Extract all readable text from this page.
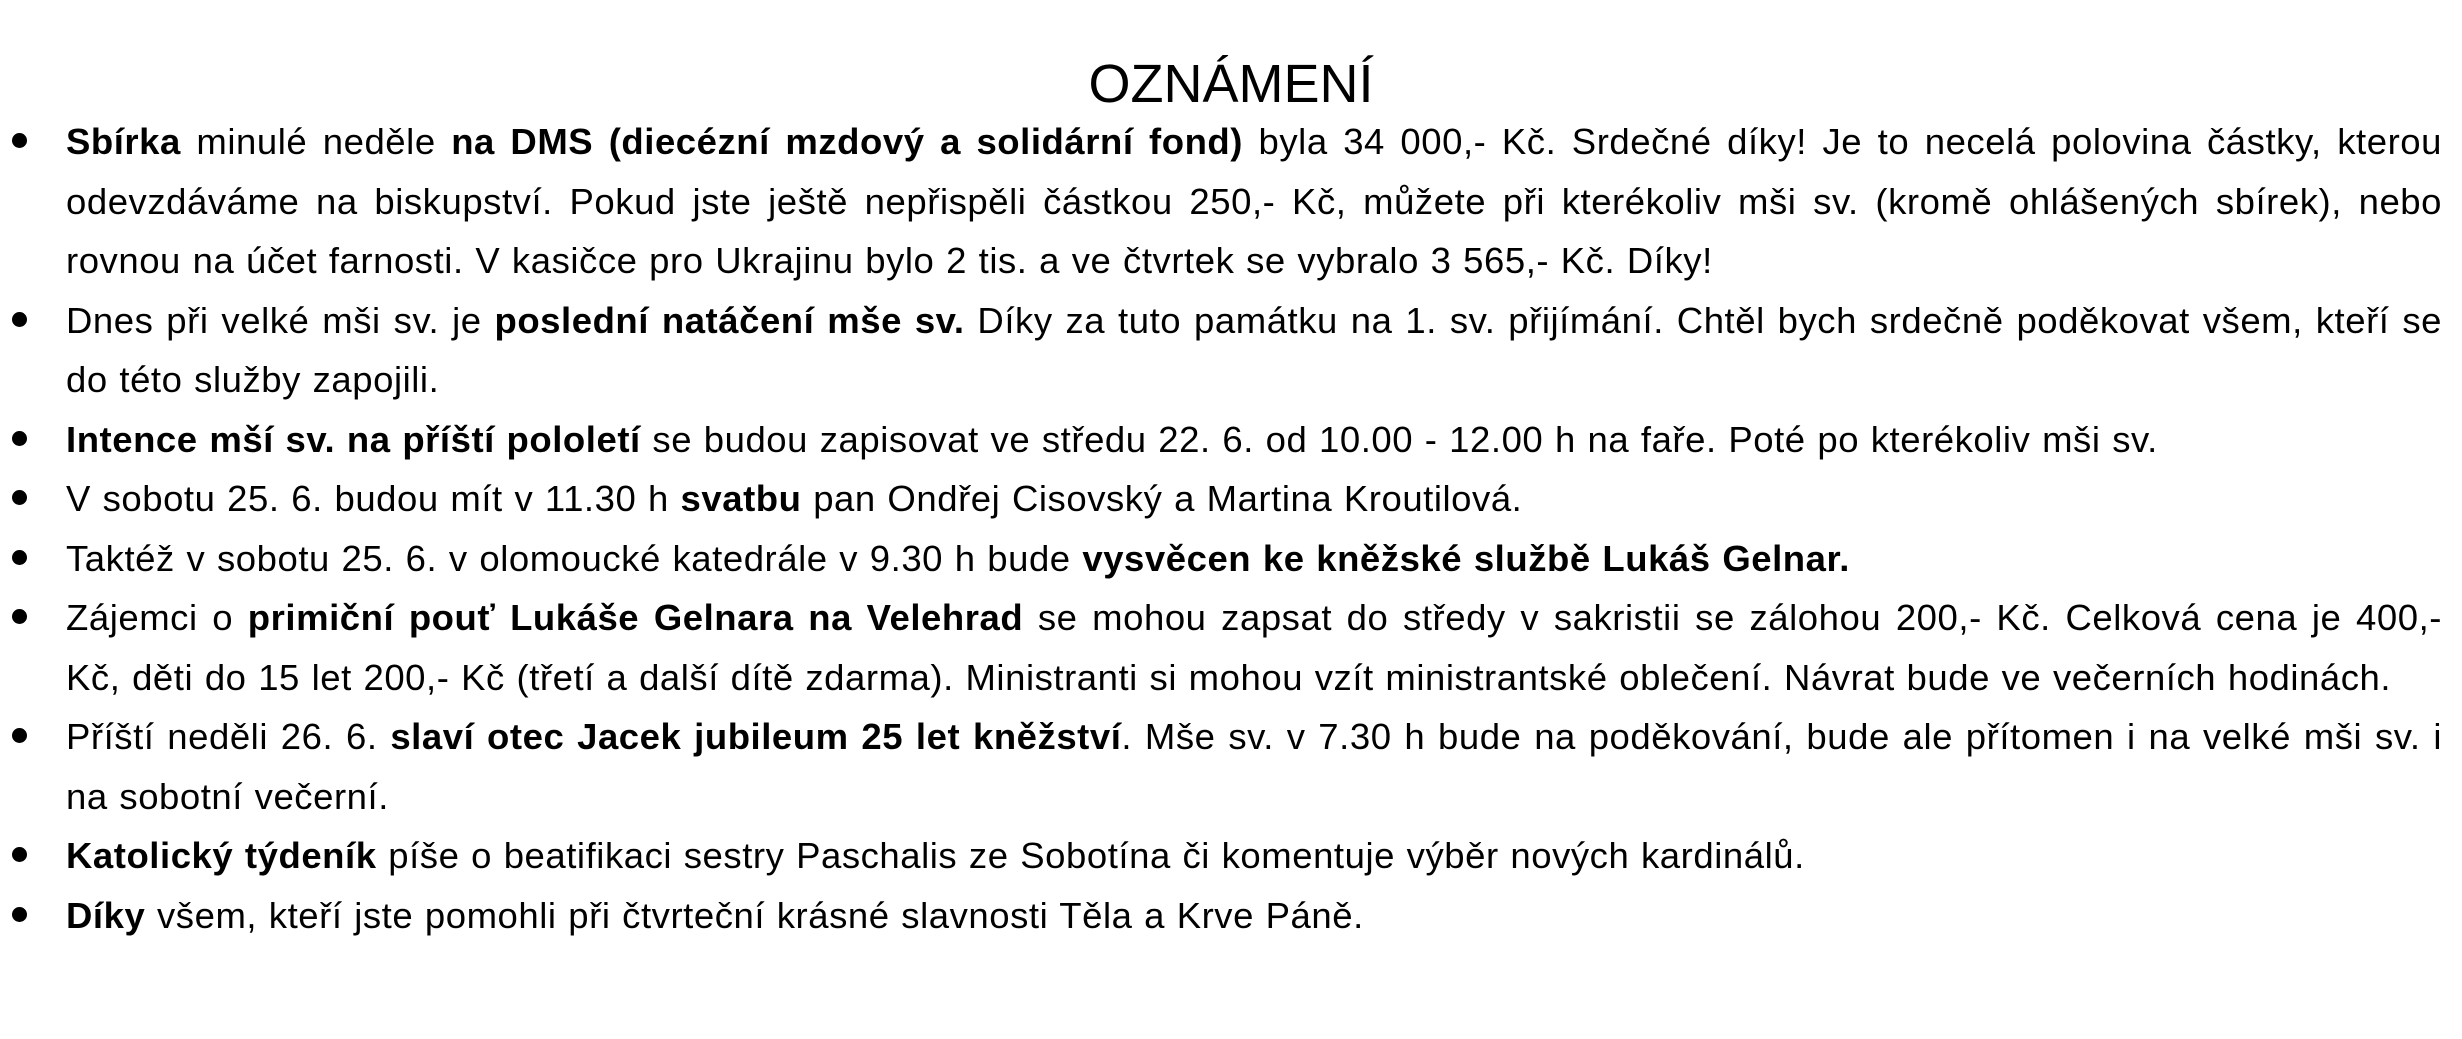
OZNÁMENÍ
Sbírka minulé neděle na DMS (diecézní mzdový a solidární fond) byla 34 000,- Kč. Srdečné díky! Je to necelá polovina částky, kterou odevzdáváme na biskupství. Pokud jste ještě nepřispěli částkou 250,- Kč, můžete při kterékoliv mši sv. (kromě ohlášených sbírek), nebo rovnou na účet farnosti. V kasičce pro Ukrajinu bylo 2 tis. a ve čtvrtek se vybralo 3 565,- Kč. Díky!
Dnes při velké mši sv. je poslední natáčení mše sv. Díky za tuto památku na 1. sv. přijímání. Chtěl bych srdečně poděkovat všem, kteří se do této služby zapojili.
Intence mší sv. na příští pololetí se budou zapisovat ve středu 22. 6. od 10.00 - 12.00 h na faře. Poté po kterékoliv mši sv.
V sobotu 25. 6. budou mít v 11.30 h svatbu pan Ondřej Cisovský a Martina Kroutilová.
Taktéž v sobotu 25. 6. v olomoucké katedrále v 9.30 h bude vysvěcen ke kněžské službě Lukáš Gelnar.
Zájemci o primiční pouť Lukáše Gelnara na Velehrad se mohou zapsat do středy v sakristii se zálohou 200,- Kč. Celková cena je 400,- Kč, děti do 15 let 200,- Kč (třetí a další dítě zdarma). Ministranti si mohou vzít ministrantské oblečení. Návrat bude ve večerních hodinách.
Příští neděli 26. 6. slaví otec Jacek jubileum 25 let kněžství. Mše sv. v 7.30 h bude na poděkování, bude ale přítomen i na velké mši sv. i na sobotní večerní.
Katolický týdeník píše o beatifikaci sestry Paschalis ze Sobotína či komentuje výběr nových kardinálů.
Díky všem, kteří jste pomohli při čtvrteční krásné slavnosti Těla a Krve Páně.
